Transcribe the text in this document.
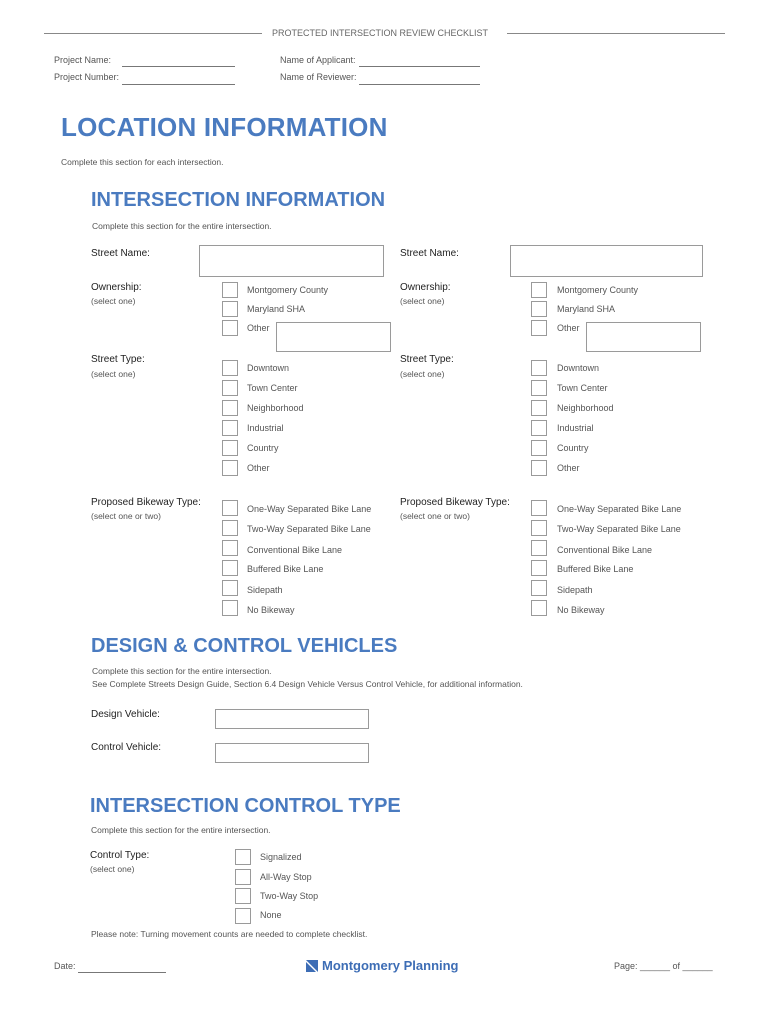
PROTECTED INTERSECTION REVIEW CHECKLIST
Project Name:
Project Number:
Name of Applicant:
Name of Reviewer:
LOCATION INFORMATION
Complete this section for each intersection.
INTERSECTION INFORMATION
Complete this section for the entire intersection.
Street Name:
Ownership:
(select one)
Montgomery County
Maryland SHA
Other
Street Type:
(select one)
Downtown
Town Center
Neighborhood
Industrial
Country
Other
Proposed Bikeway Type:
(select one or two)
One-Way Separated Bike Lane
Two-Way Separated Bike Lane
Conventional Bike Lane
Buffered Bike Lane
Sidepath
No Bikeway
Street Name:
Ownership:
(select one)
Montgomery County
Maryland SHA
Other
Street Type:
(select one)
Downtown
Town Center
Neighborhood
Industrial
Country
Other
Proposed Bikeway Type:
(select one or two)
One-Way Separated Bike Lane
Two-Way Separated Bike Lane
Conventional Bike Lane
Buffered Bike Lane
Sidepath
No Bikeway
DESIGN & CONTROL VEHICLES
Complete this section for the entire intersection.
See Complete Streets Design Guide, Section 6.4 Design Vehicle Versus Control Vehicle, for additional information.
Design Vehicle:
Control Vehicle:
INTERSECTION CONTROL TYPE
Complete this section for the entire intersection.
Control Type:
(select one)
Signalized
All-Way Stop
Two-Way Stop
None
Please note: Turning movement counts are needed to complete checklist.
Date:	Montgomery Planning	Page: ______ of ______
